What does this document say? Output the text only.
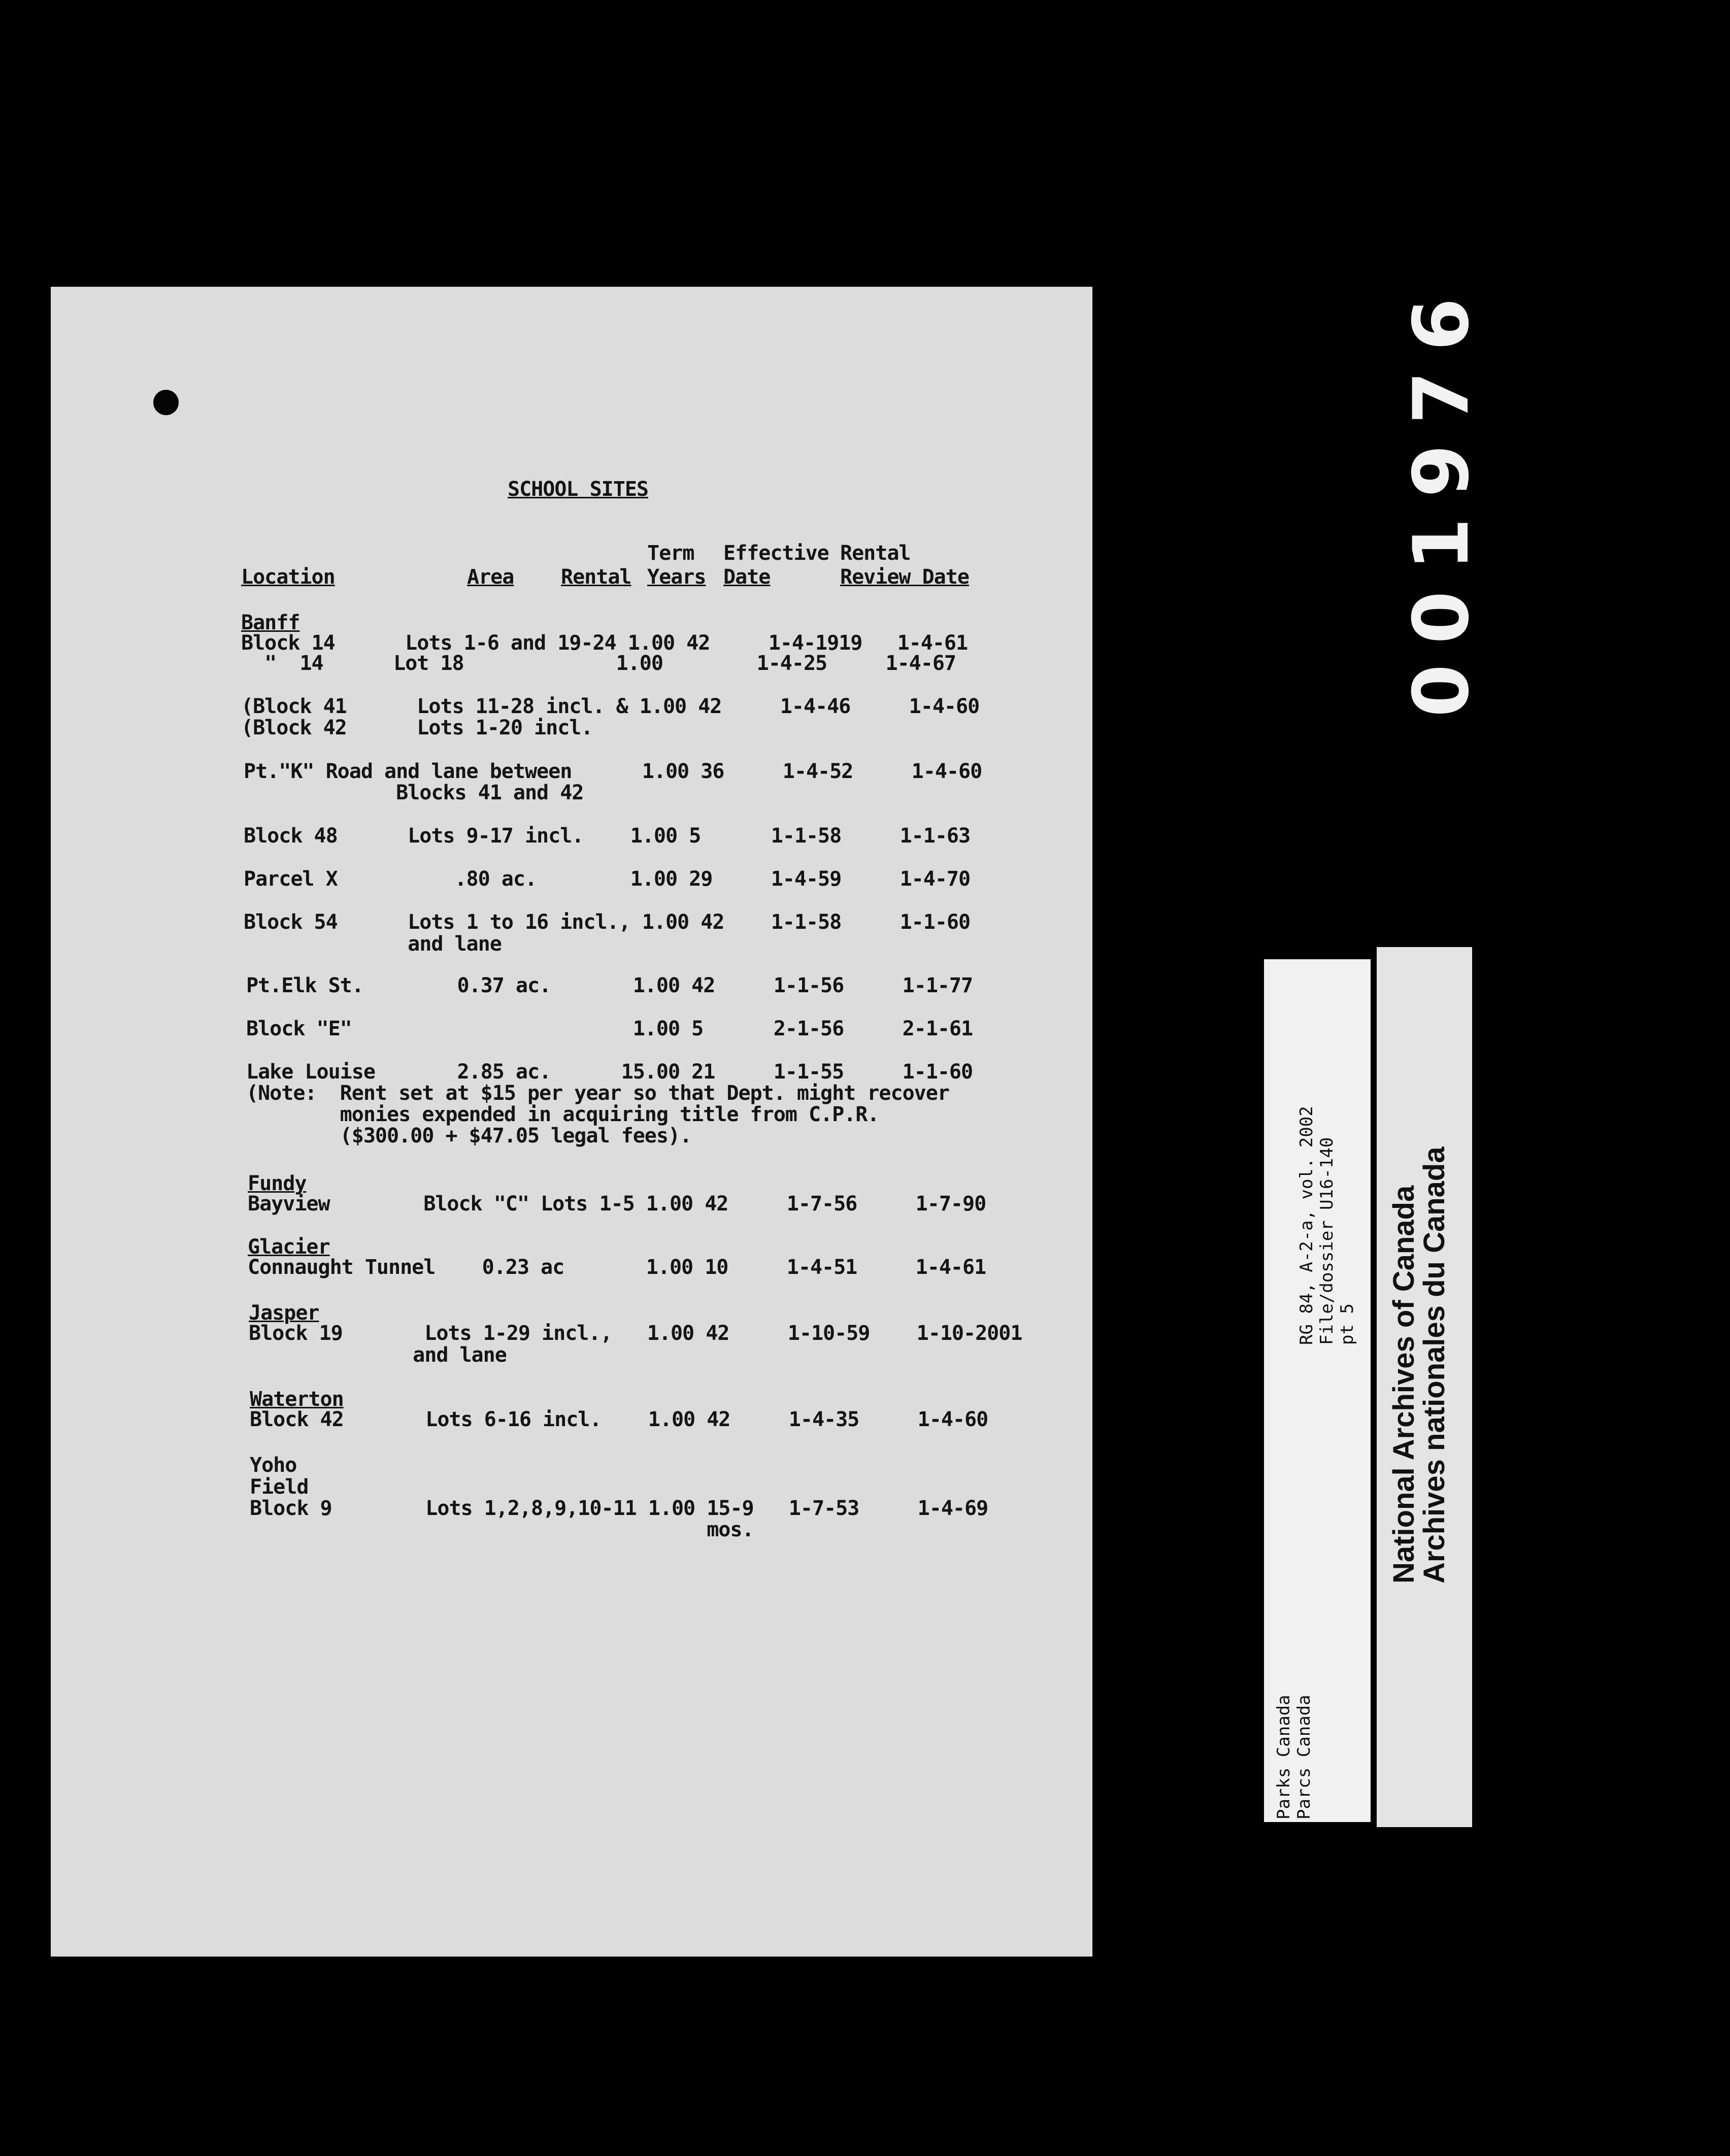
SCHOOL SITES
Term Effective Rental
Location	Area Rental Years Date	Review Date
Banff
Block 14      Lots 1-6 and 19-24 1.00 42     1-4-1919   1-4-61
"  14      Lot 18             1.00        1-4-25     1-4-67
(Block 41      Lots 11-28 incl. & 1.00 42     1-4-46     1-4-60
(Block 42      Lots 1-20 incl.
Pt."K" Road and lane between      1.00 36     1-4-52     1-4-60
Blocks 41 and 42
Block 48      Lots 9-17 incl.    1.00 5      1-1-58     1-1-63
Parcel X          .80 ac.        1.00 29     1-4-59     1-4-70
Block 54      Lots 1 to 16 incl., 1.00 42    1-1-58     1-1-60
and lane
Pt.Elk St.        0.37 ac.       1.00 42     1-1-56     1-1-77
Block "E"                        1.00 5      2-1-56     2-1-61
Lake Louise       2.85 ac.      15.00 21     1-1-55     1-1-60
(Note:  Rent set at $15 per year so that Dept. might recover
monies expended in acquiring title from C.P.R.
($300.00 + $47.05 legal fees).
Fundy
Bayview        Block "C" Lots 1-5 1.00 42     1-7-56     1-7-90
Glacier
Connaught Tunnel    0.23 ac       1.00 10     1-4-51     1-4-61
Jasper
Block 19       Lots 1-29 incl.,   1.00 42     1-10-59    1-10-2001
and lane
Waterton
Block 42       Lots 6-16 incl.    1.00 42     1-4-35     1-4-60
Yoho
Field
Block 9        Lots 1,2,8,9,10-11 1.00 15-9   1-7-53     1-4-69
mos.
001976
Parks Canada Parcs Canada
RG 84, A-2-a, vol. 2002 File/dossier U16-140 pt 5 National Archives of Canada
Archives nationales du Canada
